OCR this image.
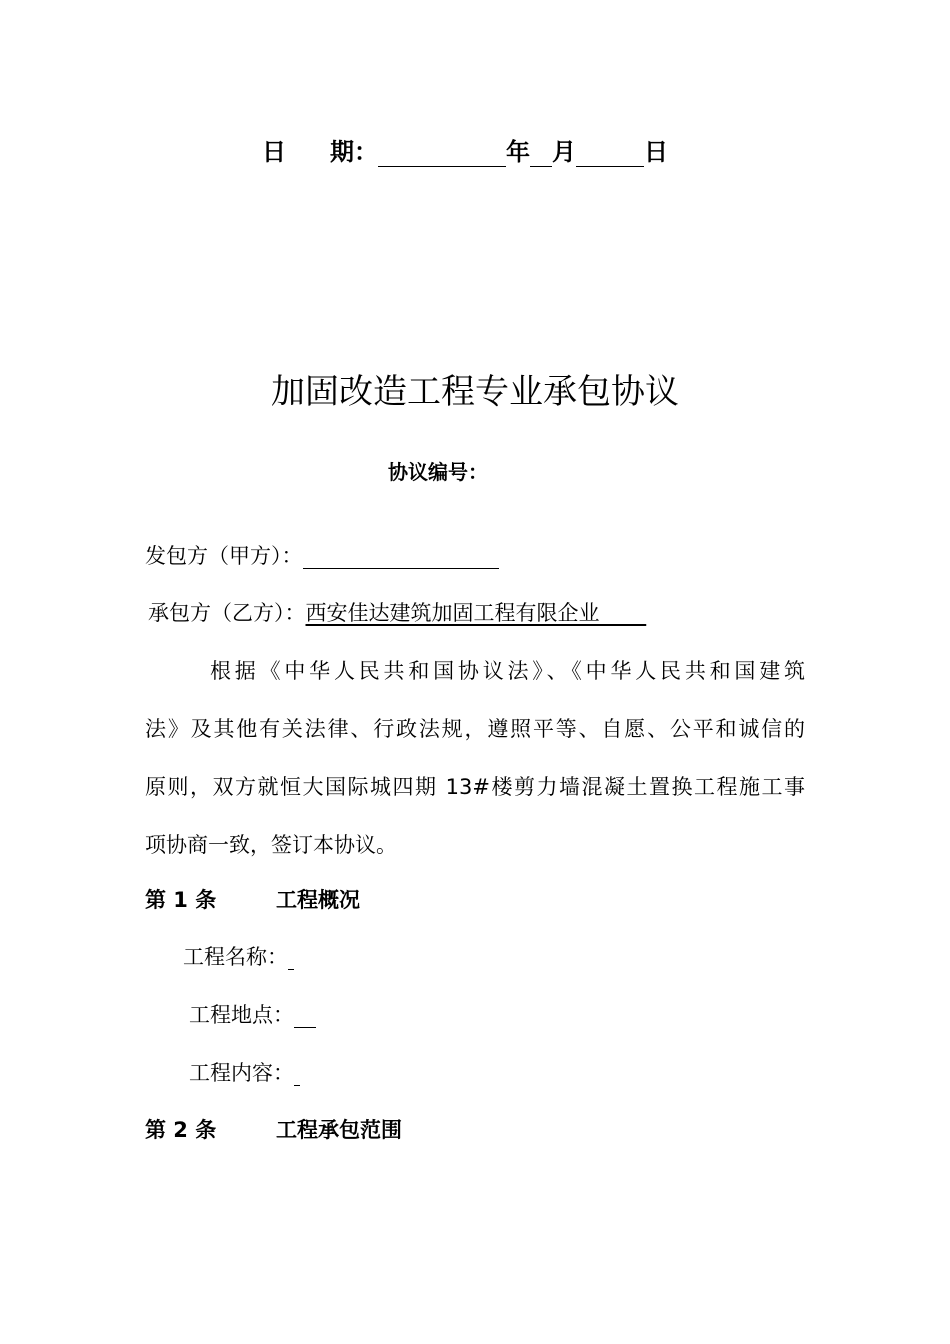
日 期：	年 月	日
加固改造工程专业承包协议
协议编号：
发包方（甲方）：
承包方（乙方）：西安佳达建筑加固工程有限企业
根据《中华人民共和国协议法》、《中华人民共和国建筑
法》及其他有关法律、行政法规，遵照平等、自愿、公平和诚信的
原则，双方就恒大国际城四期 13#楼剪力墙混凝土置换工程施工事
项协商一致，签订本协议。
第 1 条	工程概况
工程名称：
工程地点：
工程内容：
第 2 条	工程承包范围
